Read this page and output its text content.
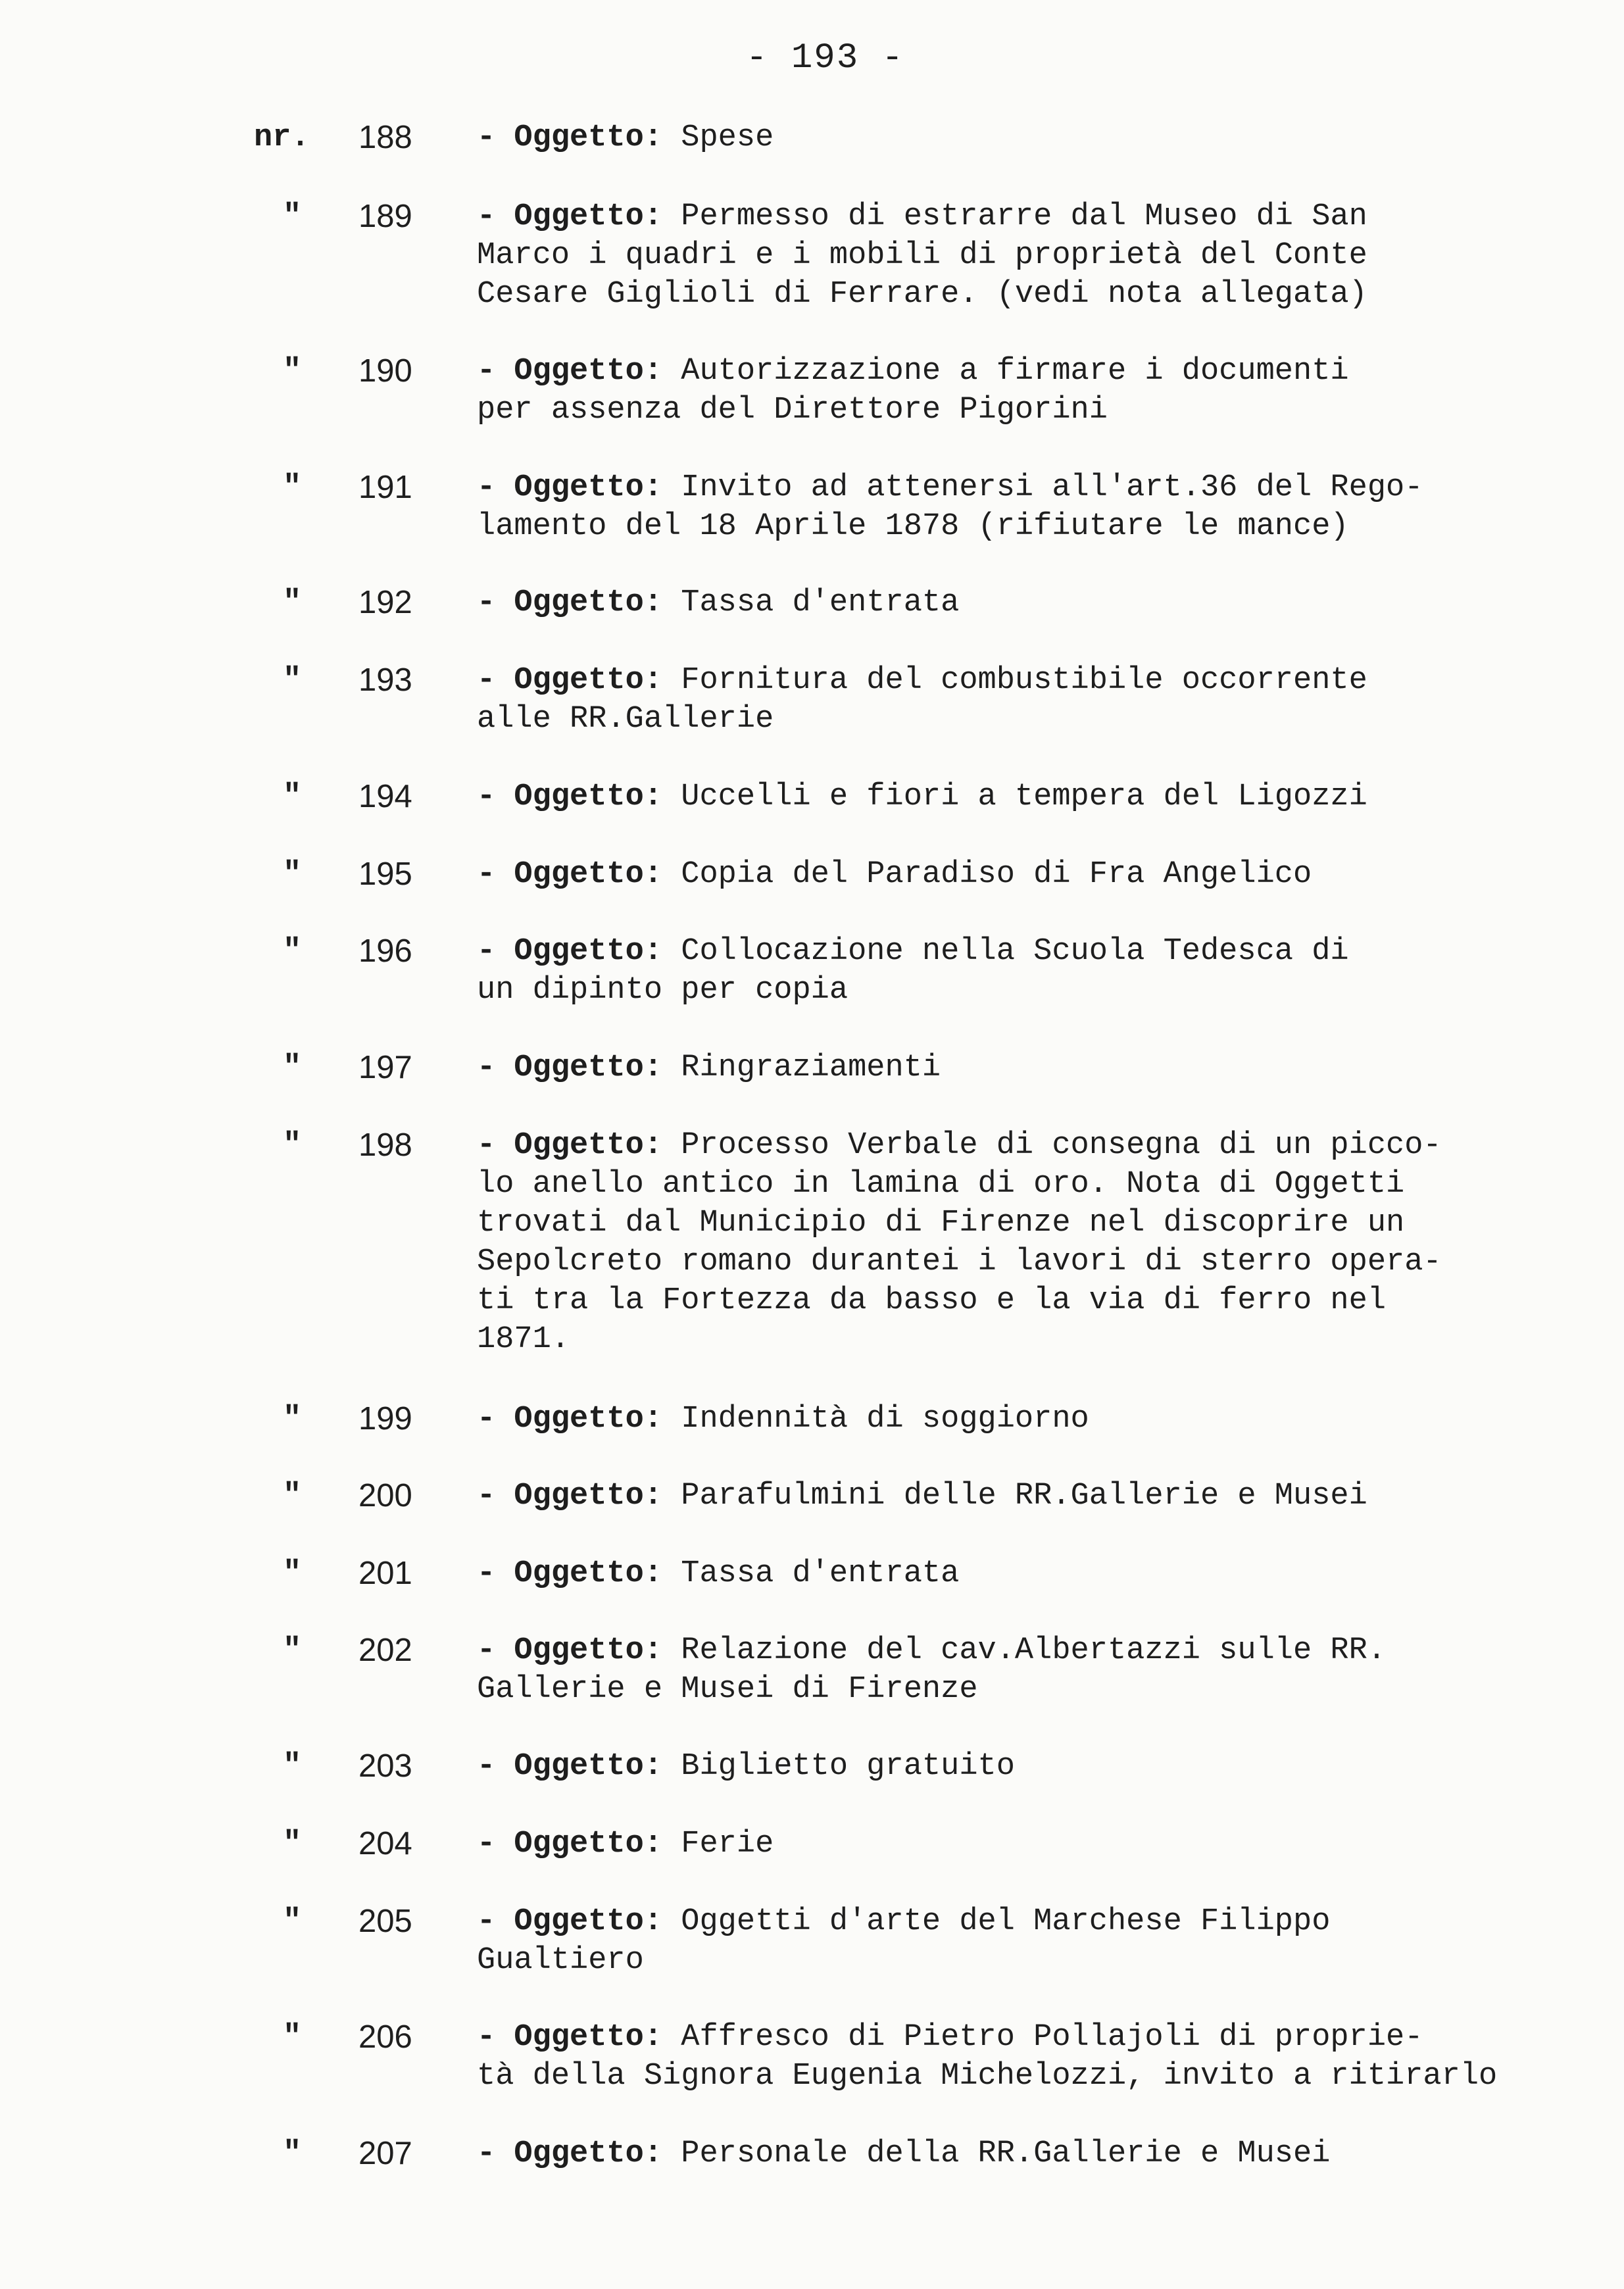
- 193 -
nr. 188 - Oggetto: Spese
" 189 - Oggetto: Permesso di estrarre dal Museo di San
Marco i quadri e i mobili di proprietà del Conte
Cesare Giglioli di Ferrare. (vedi nota allegata)
" 190 - Oggetto: Autorizzazione a firmare i documenti
per assenza del Direttore Pigorini
" 191 - Oggetto: Invito ad attenersi all'art.36 del Rego-
lamento del 18 Aprile 1878 (rifiutare le mance)
" 192 - Oggetto: Tassa d'entrata
" 193 - Oggetto: Fornitura del combustibile occorrente
alle RR.Gallerie
" 194 - Oggetto: Uccelli e fiori a tempera del Ligozzi
" 195 - Oggetto: Copia del Paradiso di Fra Angelico
" 196 - Oggetto: Collocazione nella Scuola Tedesca di
un dipinto per copia
" 197 - Oggetto: Ringraziamenti
" 198 - Oggetto: Processo Verbale di consegna di un picco-
lo anello antico in lamina di oro. Nota di Oggetti
trovati dal Municipio di Firenze nel discoprire un
Sepolcreto romano durantei i lavori di sterro opera-
ti tra la Fortezza da basso e la via di ferro nel
1871.
" 199 - Oggetto: Indennità di soggiorno
" 200 - Oggetto: Parafulmini delle RR.Gallerie e Musei
" 201 - Oggetto: Tassa d'entrata
" 202 - Oggetto: Relazione del cav.Albertazzi sulle RR.
Gallerie e Musei di Firenze
" 203 - Oggetto: Biglietto gratuito
" 204 - Oggetto: Ferie
" 205 - Oggetto: Oggetti d'arte del Marchese Filippo
Gualtiero
" 206 - Oggetto: Affresco di Pietro Pollajoli di proprie-
tà della Signora Eugenia Michelozzi, invito a ritirarlo
" 207 - Oggetto: Personale della RR.Gallerie e Musei
